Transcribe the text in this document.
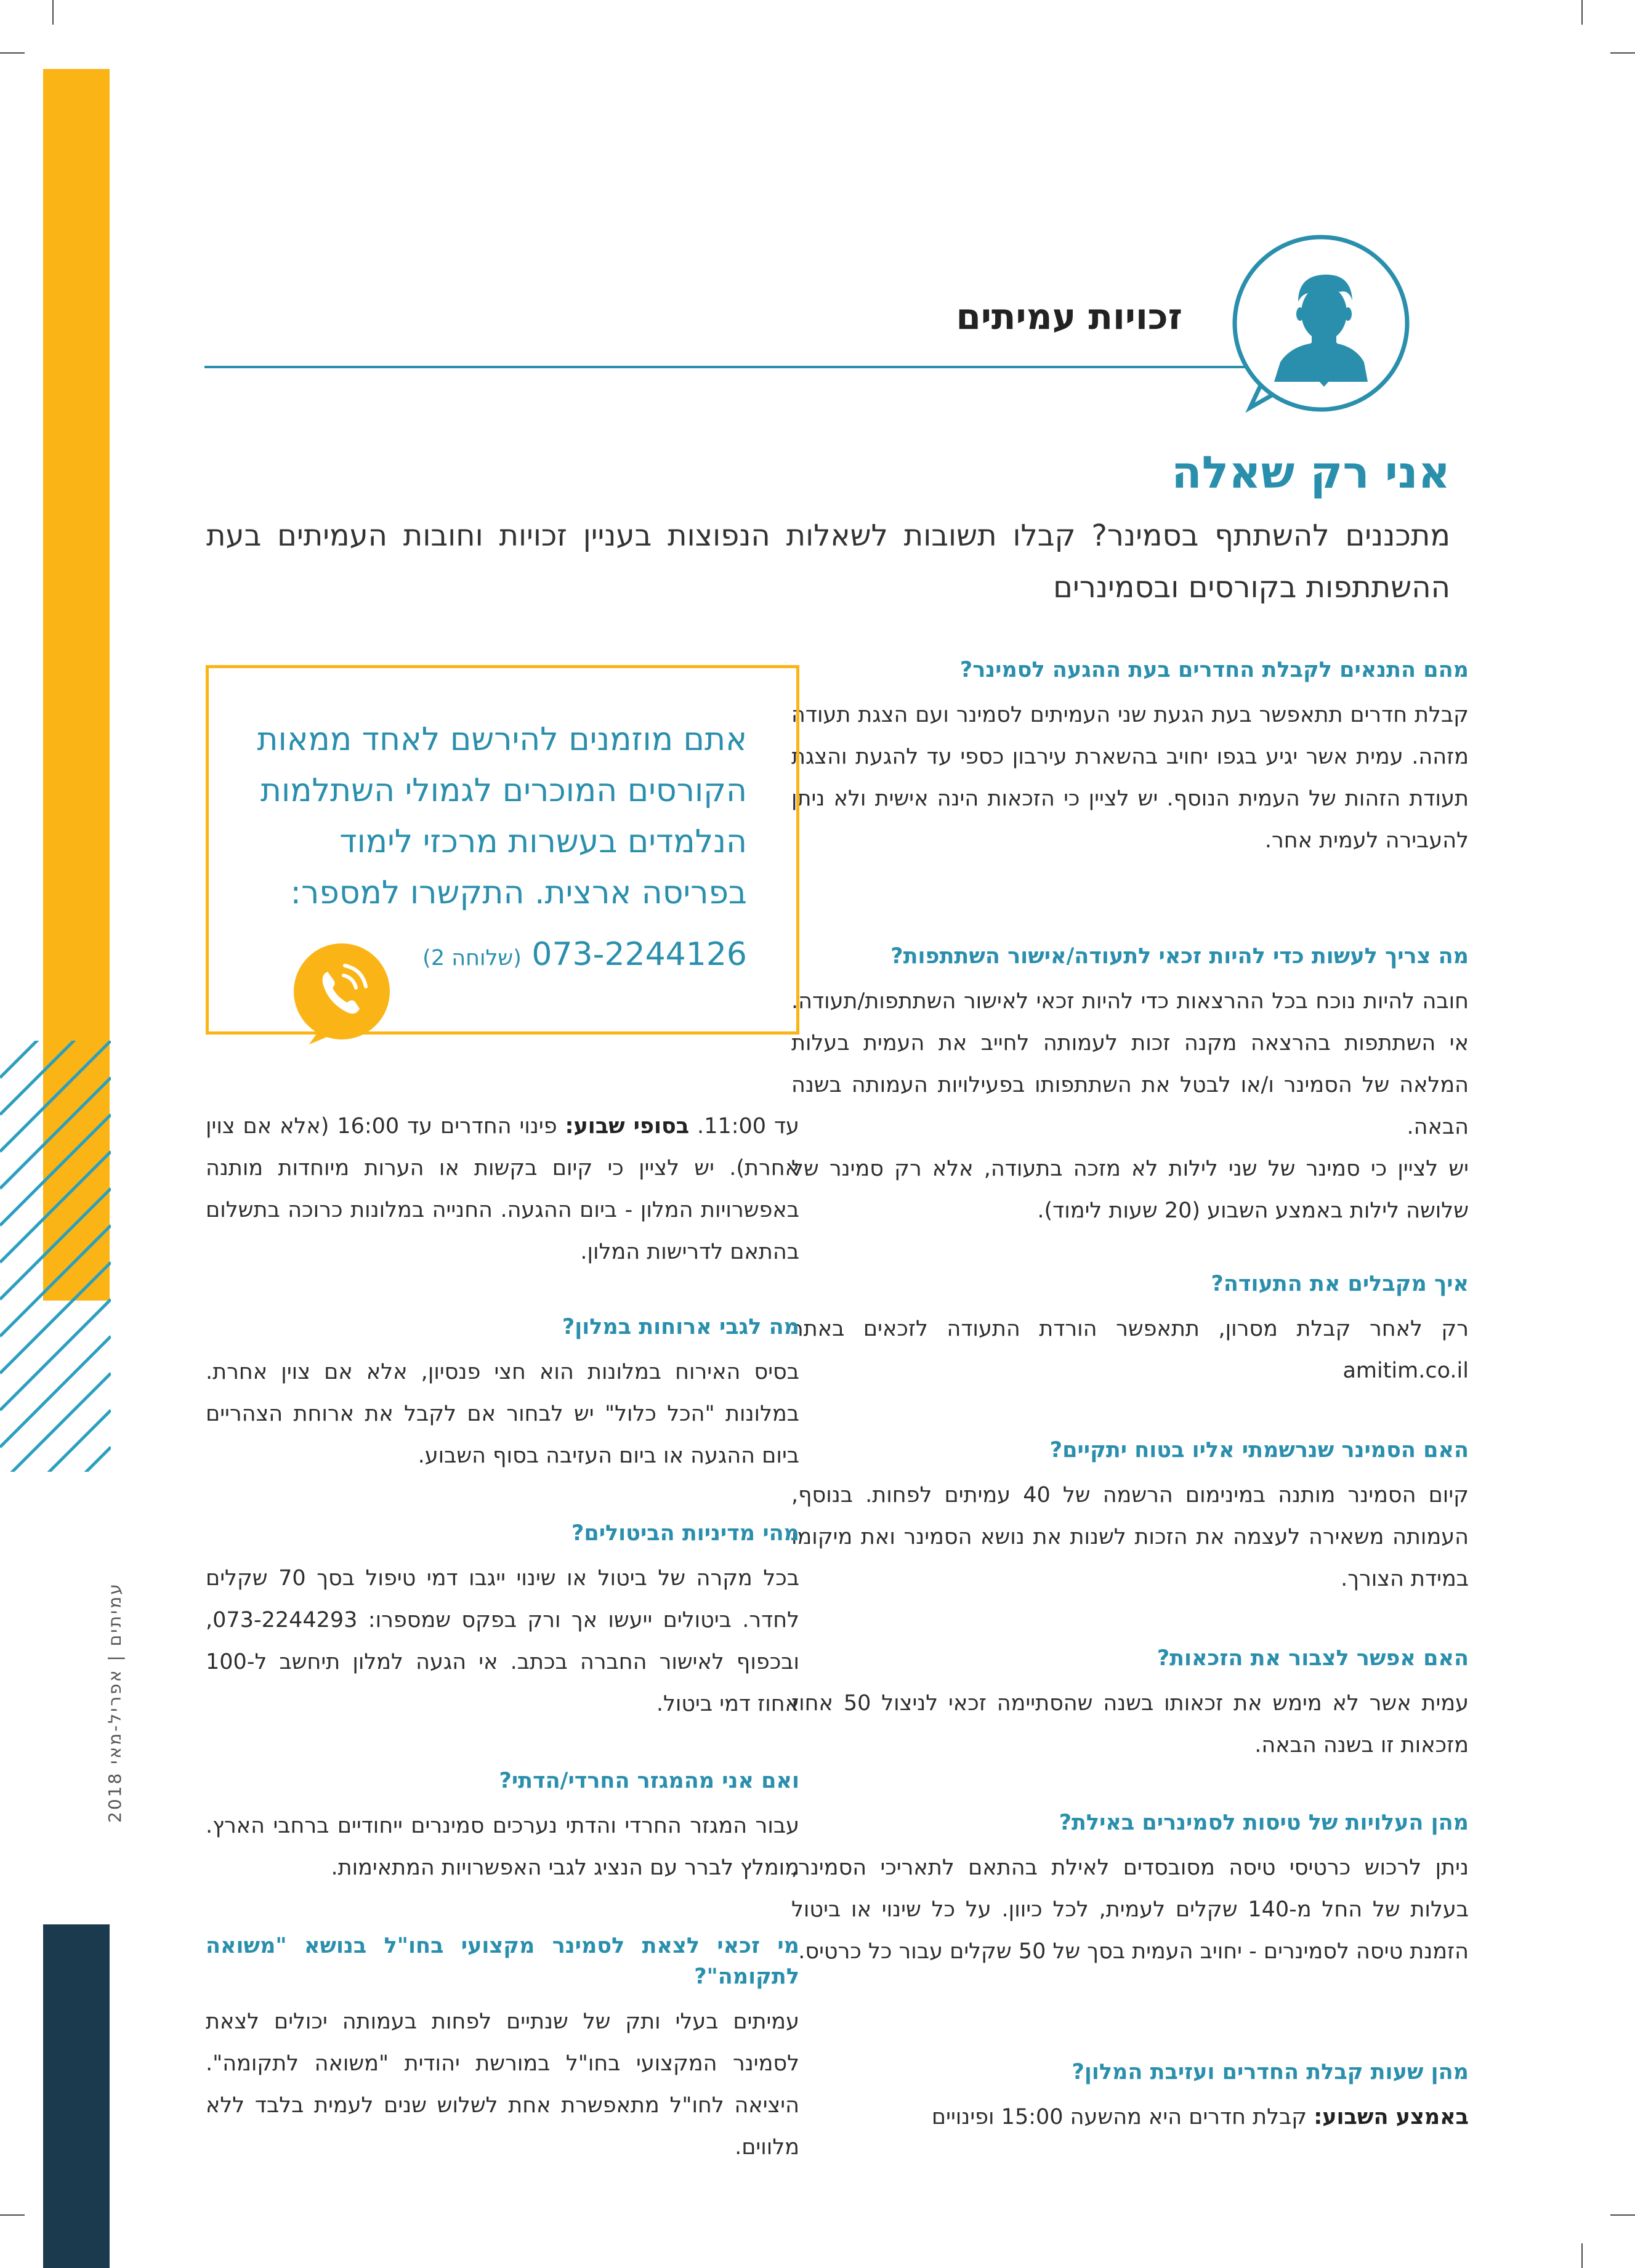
עמיתים | אפריל-מאי 2018
זכויות עמיתים
אני רק שאלה
מתכננים להשתתף בסמינר? קבלו תשובות לשאלות הנפוצות בעניין זכויות וחובות העמיתים בעת ההשתתפות בקורסים ובסמינרים
מהם התנאים לקבלת החדרים בעת ההגעה לסמינר?
קבלת חדרים תתאפשר בעת הגעת שני העמיתים לסמינר ועם הצגת תעודה מזהה. עמית אשר יגיע בגפו יחויב בהשארת עירבון כספי עד להגעת והצגת תעודת הזהות של העמית הנוסף. יש לציין כי הזכאות הינה אישית ולא ניתן להעבירה לעמית אחר.
מה צריך לעשות כדי להיות זכאי לתעודה/אישור השתתפות?
חובה להיות נוכח בכל ההרצאות כדי להיות זכאי לאישור השתתפות/תעודה. אי השתתפות בהרצאה מקנה זכות לעמותה לחייב את העמית בעלות המלאה של הסמינר ו/או לבטל את השתתפותו בפעילויות העמותה בשנה הבאה.
יש לציין כי סמינר של שני לילות לא מזכה בתעודה, אלא רק סמינר של שלושה לילות באמצע השבוע (20 שעות לימוד).
איך מקבלים את התעודה?
רק לאחר קבלת מסרון, תתאפשר הורדת התעודה לזכאים באתר amitim.co.il
האם הסמינר שנרשמתי אליו בטוח יתקיים?
קיום הסמינר מותנה במינימום הרשמה של 40 עמיתים לפחות. בנוסף, העמותה משאירה לעצמה את הזכות לשנות את נושא הסמינר ואת מיקומו במידת הצורך.
האם אפשר לצבור את הזכאות?
עמית אשר לא מימש את זכאותו בשנה שהסתיימה זכאי לניצול 50 אחוז מזכאות זו בשנה הבאה.
מהן העלויות של טיסות לסמינרים באילת?
ניתן לרכוש כרטיסי טיסה מסובסדים לאילת בהתאם לתאריכי הסמינר, בעלות של החל מ-140 שקלים לעמית, לכל כיוון. על כל שינוי או ביטול הזמנת טיסה לסמינרים - יחויב העמית בסך של 50 שקלים עבור כל כרטיס.
מהן שעות קבלת החדרים ועזיבת המלון?
באמצע השבוע: קבלת חדרים היא מהשעה 15:00 ופינויים
אתם מוזמנים להירשם לאחד ממאות הקורסים המוכרים לגמולי השתלמות הנלמדים בעשרות מרכזי לימוד בפריסה ארצית. התקשרו למספר:
(שלוחה 2) 073-2244126
עד 11:00. בסופי שבוע: פינוי החדרים עד 16:00 (אלא אם צוין אחרת). יש לציין כי קיום בקשות או הערות מיוחדות מותנה באפשרויות המלון - ביום ההגעה. החנייה במלונות כרוכה בתשלום בהתאם לדרישות המלון.
מה לגבי ארוחות במלון?
בסיס האירוח במלונות הוא חצי פנסיון, אלא אם צוין אחרת. במלונות "הכל כלול" יש לבחור אם לקבל את ארוחת הצהריים ביום ההגעה או ביום העזיבה בסוף השבוע.
מהי מדיניות הביטולים?
בכל מקרה של ביטול או שינוי ייגבו דמי טיפול בסך 70 שקלים לחדר. ביטולים ייעשו אך ורק בפקס שמספרו: 073-2244293, ובכפוף לאישור החברה בכתב. אי הגעה למלון תיחשב ל-100 אחוז דמי ביטול.
ואם אני מהמגזר החרדי/הדתי?
עבור המגזר החרדי והדתי נערכים סמינרים ייחודיים ברחבי הארץ. מומלץ לברר עם הנציג לגבי האפשרויות המתאימות.
מי זכאי לצאת לסמינר מקצועי בחו"ל בנושא "משואה לתקומה"?
עמיתים בעלי ותק של שנתיים לפחות בעמותה יכולים לצאת לסמינר המקצועי בחו"ל במורשת יהודית "משואה לתקומה". היציאה לחו"ל מתאפשרת אחת לשלוש שנים לעמית בלבד ללא מלווים.
